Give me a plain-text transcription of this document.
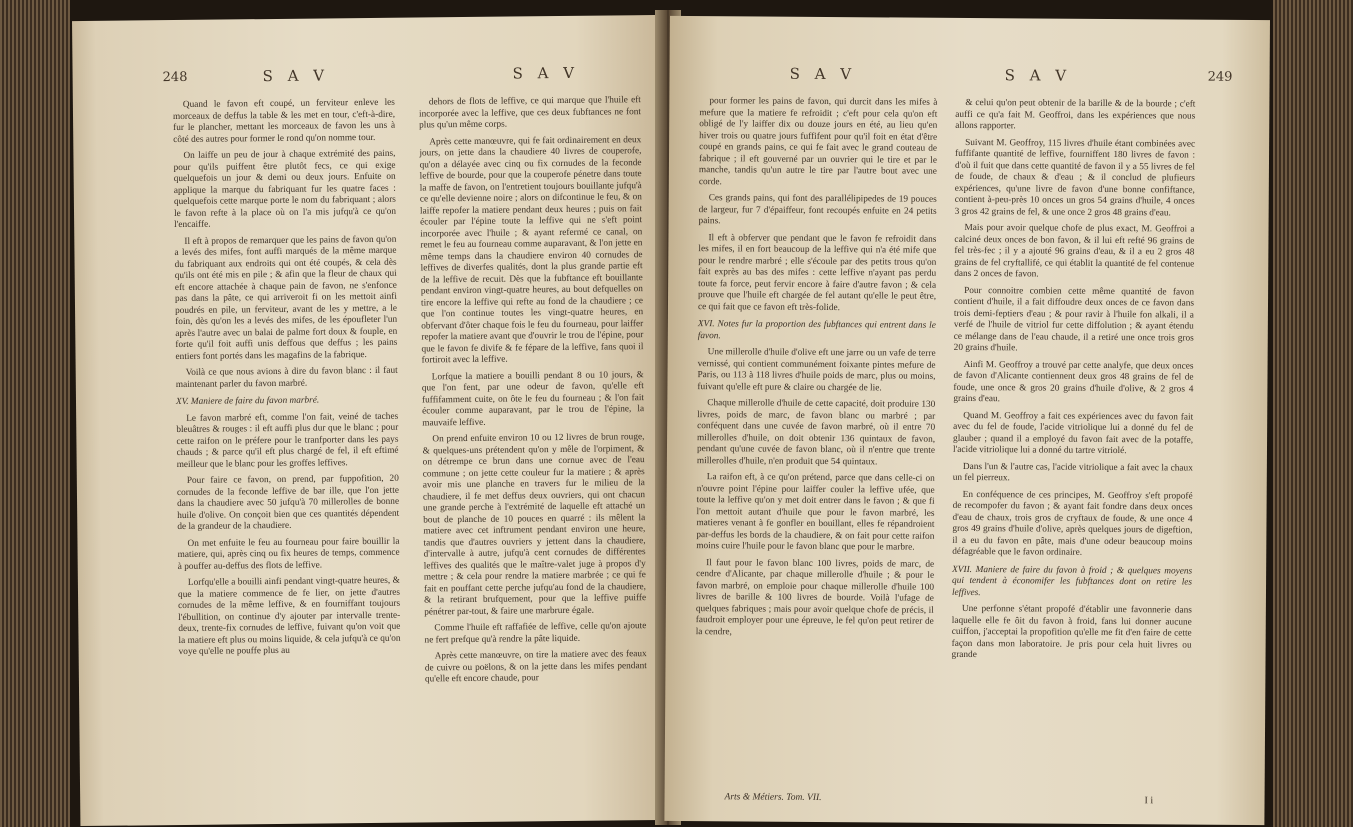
248	S A V	S A V

Quand le favon eft coupé, un ferviteur enleve les morceaux de deffus la table & les met en tour, c'eft-à-dire, fur le plancher, mettant les morceaux de favon les uns à côté des autres pour former le rond qu'on nomme tour.

On laiffe un peu de jour à chaque extrémité des pains, pour qu'ils puiffent être plutôt fecs, ce qui exige quelquefois un jour & demi ou deux jours. Enfuite on applique la marque du fabriquant fur les quatre faces : quelquefois cette marque porte le nom du fabriquant ; alors le favon refte à la place où on l'a mis jufqu'à ce qu'on l'encaiffe.

Il eft à propos de remarquer que les pains de favon qu'on a levés des mifes, font auffi marqués de la même marque du fabriquant aux endroits qui ont été coupés, & cela dès qu'ils ont été mis en pile ; & afin que la fleur de chaux qui eft encore attachée à chaque pain de favon, ne s'enfonce pas dans la pâte, ce qui arriveroit fi on les mettoit ainfi poudrés en pile, un ferviteur, avant de les y mettre, a le foin, dès qu'on les a levés des mifes, de les époufleter l'un après l'autre avec un balai de palme fort doux & fouple, en forte qu'il foit auffi unis deffous que deffus ; les pains entiers font portés dans les magafins de la fabrique.

Voilà ce que nous avions à dire du favon blanc : il faut maintenant parler du favon marbré.

XV. Maniere de faire du favon marbré.

Le favon marbré eft, comme l'on fait, veiné de taches bleuâtres & rouges : il eft auffi plus dur que le blanc ; pour cette raifon on le préfere pour le tranfporter dans les pays chauds ; & parce qu'il eft plus chargé de fel, il eft eftimé meilleur que le blanc pour les groffes leffives.

Pour faire ce favon, on prend, par fuppofition, 20 cornudes de la feconde leffive de bar ille, que l'on jette dans la chaudiere avec 50 jufqu'à 70 millerolles de bonne huile d'olive. On conçoit bien que ces quantités dépendent de la grandeur de la chaudiere.

On met enfuite le feu au fourneau pour faire bouillir la matiere, qui, après cinq ou fix heures de temps, commence à pouffer au-deffus des flots de leffive.

Lorfqu'elle a bouilli ainfi pendant vingt-quatre heures, & que la matiere commence de fe lier, on jette d'autres cornudes de la même leffive, & en fourniffant toujours l'ébullition, on continue d'y ajouter par intervalle trente-deux, trente-fix cornudes de leffive, fuivant qu'on voit que la matiere eft plus ou moins liquide, & cela jufqu'à ce qu'on voye qu'elle ne pouffe plus au

dehors de flots de leffive, ce qui marque que l'huile eft incorporée avec la leffive, que ces deux fubftances ne font plus qu'un même corps.

Après cette manœuvre, qui fe fait ordinairement en deux jours, on jette dans la chaudiere 40 livres de couperofe, qu'on a délayée avec cinq ou fix cornudes de la feconde leffive de bourde, pour que la couperofe pénetre dans toute la maffe de favon, on l'entretient toujours bouillante jufqu'à ce qu'elle devienne noire ; alors on difcontinue le feu, & on laiffe repofer la matiere pendant deux heures ; puis on fait écouler par l'épine toute la leffive qui ne s'eft point incorporée avec l'huile ; & ayant refermé ce canal, on remet le feu au fourneau comme auparavant, & l'on jette en même temps dans la chaudiere environ 40 cornudes de leffives de diverfes qualités, dont la plus grande partie eft de la leffive de recuit. Dès que la fubftance eft bouillante pendant environ vingt-quatre heures, au bout defquelles on tire encore la leffive qui refte au fond de la chaudiere ; ce que l'on continue toutes les vingt-quatre heures, en obfervant d'ôter chaque fois le feu du fourneau, pour laiffer repofer la matiere avant que d'ouvrir le trou de l'épine, pour que le favon fe divife & fe fépare de la leffive, fans quoi il fortiroit avec la leffive.

Lorfque la matiere a bouilli pendant 8 ou 10 jours, & que l'on fent, par une odeur de favon, qu'elle eft fuffifamment cuite, on ôte le feu du fourneau ; & l'on fait écouler comme auparavant, par le trou de l'épine, la mauvaife leffive.

On prend enfuite environ 10 ou 12 livres de brun rouge, & quelques-uns prétendent qu'on y mêle de l'orpiment, & on détrempe ce brun dans une cornue avec de l'eau commune ; on jette cette couleur fur la matiere ; & après avoir mis une planche en travers fur le milieu de la chaudiere, il fe met deffus deux ouvriers, qui ont chacun une grande perche à l'extrémité de laquelle eft attaché un bout de planche de 10 pouces en quarré : ils mêlent la matiere avec cet inftrument pendant environ une heure, tandis que d'autres ouvriers y jettent dans la chaudiere, d'intervalle à autre, jufqu'à cent cornudes de différentes leffives des qualités que le maître-valet juge à propos d'y mettre ; & cela pour rendre la matiere marbrée ; ce qui fe fait en pouffant cette perche jufqu'au fond de la chaudiere, & la retirant brufquement, pour que la leffive puiffe pénétrer par-tout, & faire une marbrure égale.

Comme l'huile eft raffafiée de leffive, celle qu'on ajoute ne fert prefque qu'à rendre la pâte liquide.

Après cette manœuvre, on tire la matiere avec des feaux de cuivre ou poëlons, & on la jette dans les mifes pendant qu'elle eft encore chaude, pour

S A V	S A V	249

pour former les pains de favon, qui durcit dans les mifes à mefure que la matiere fe refroidit ; c'eft pour cela qu'on eft obligé de l'y laiffer dix ou douze jours en été, au lieu qu'en hiver trois ou quatre jours fuffifent pour qu'il foit en état d'être coupé en grands pains, ce qui fe fait avec le grand couteau de fabrique ; il eft gouverné par un ouvrier qui le tire et par le manche, tandis qu'un autre le tire par l'autre bout avec une corde.

Ces grands pains, qui font des parallélipipedes de 19 pouces de largeur, fur 7 d'épaiffeur, font recoupés enfuite en 24 petits pains.

Il eft à obferver que pendant que le favon fe refroidit dans les mifes, il en fort beaucoup de la leffive qui n'a été mife que pour le rendre marbré ; elle s'écoule par des petits trous qu'on fait exprès au bas des mifes : cette leffive n'ayant pas perdu toute fa force, peut fervir encore à faire d'autre favon ; & cela prouve que l'huile eft chargée de fel autant qu'elle le peut être, ce qui fait que ce favon eft très-folide.

XVI. Notes fur la proportion des fubftances qui entrent dans le favon.

Une millerolle d'huile d'olive eft une jarre ou un vafe de terre vernissé, qui contient communément foixante pintes mefure de Paris, ou 113 à 118 livres d'huile poids de marc, plus ou moins, fuivant qu'elle eft pure & claire ou chargée de lie.

Chaque millerolle d'huile de cette capacité, doit produire 130 livres, poids de marc, de favon blanc ou marbré ; par conféquent dans une cuvée de favon marbré, où il entre 70 millerolles d'huile, on doit obtenir 136 quintaux de favon, pendant qu'une cuvée de favon blanc, où il n'entre que trente millerolles d'huile, n'en produit que 54 quintaux.

La raifon eft, à ce qu'on prétend, parce que dans celle-ci on n'ouvre point l'épine pour laiffer couler la leffive ufée, que toute la leffive qu'on y met doit entrer dans le favon ; & que fi l'on mettoit autant d'huile que pour le favon marbré, les matieres venant à fe gonfler en bouillant, elles fe répandroient par-deffus les bords de la chaudiere, & on fait pour cette raifon moins cuire l'huile pour le favon blanc que pour le marbre.

Il faut pour le favon blanc 100 livres, poids de marc, de cendre d'Alicante, par chaque millerolle d'huile ; & pour le favon marbré, on emploie pour chaque millerolle d'huile 100 livres de barille & 100 livres de bourde. Voilà l'ufage de quelques fabriques ; mais pour avoir quelque chofe de précis, il faudroit employer pour une épreuve, le fel qu'on peut retirer de la cendre,

& celui qu'on peut obtenir de la barille & de la bourde ; c'eft auffi ce qu'a fait M. Geoffroi, dans les expériences que nous allons rapporter.

Suivant M. Geoffroy, 115 livres d'huile étant combinées avec fuffifante quantité de leffive, fourniffent 180 livres de favon : d'où il fuit que dans cette quantité de favon il y a 55 livres de fel de foude, de chaux & d'eau ; & il conclud de plufieurs expériences, qu'une livre de favon d'une bonne confiftance, contient à-peu-près 10 onces un gros 54 grains d'huile, 4 onces 3 gros 42 grains de fel, & une once 2 gros 48 grains d'eau.

Mais pour avoir quelque chofe de plus exact, M. Geoffroi a calciné deux onces de bon favon, & il lui eft refté 96 grains de fel très-fec ; il y a ajouté 96 grains d'eau, & il a eu 2 gros 48 grains de fel cryftallifé, ce qui établit la quantité de fel contenue dans 2 onces de favon.

Pour connoitre combien cette même quantité de favon contient d'huile, il a fait diffoudre deux onces de ce favon dans trois demi-feptiers d'eau ; & pour ravir à l'huile fon alkali, il a verfé de l'huile de vitriol fur cette diffolution ; & ayant étendu ce mélange dans de l'eau chaude, il a retiré une once trois gros 20 grains d'huile.

Ainfi M. Geoffroy a trouvé par cette analyfe, que deux onces de favon d'Alicante contiennent deux gros 48 grains de fel de foude, une once & gros 20 grains d'huile d'olive, & 2 gros 4 grains d'eau.

Quand M. Geoffroy a fait ces expériences avec du favon fait avec du fel de foude, l'acide vitriolique lui a donné du fel de glauber ; quand il a employé du favon fait avec de la potaffe, l'acide vitriolique lui a donné du tartre vitriolé.

Dans l'un & l'autre cas, l'acide vitriolique a fait avec la chaux un fel pierreux.

En conféquence de ces principes, M. Geoffroy s'eft propofé de recompofer du favon ; & ayant fait fondre dans deux onces d'eau de chaux, trois gros de cryftaux de foude, & une once 4 gros 49 grains d'huile d'olive, après quelques jours de digeftion, il a eu du favon en pâte, mais d'une odeur beaucoup moins défagréable que le favon ordinaire.

XVII. Maniere de faire du favon à froid ; & quelques moyens qui tendent à économifer les fubftances dont on retire les leffives.

Une perfonne s'étant propofé d'établir une favonnerie dans laquelle elle fe ôit du favon à froid, fans lui donner aucune cuiffon, j'acceptai la propofition qu'elle me fit d'en faire de cette façon dans mon laboratoire. Je pris pour cela huit livres ou grande

Arts & Métiers. Tom. VII.	I i
